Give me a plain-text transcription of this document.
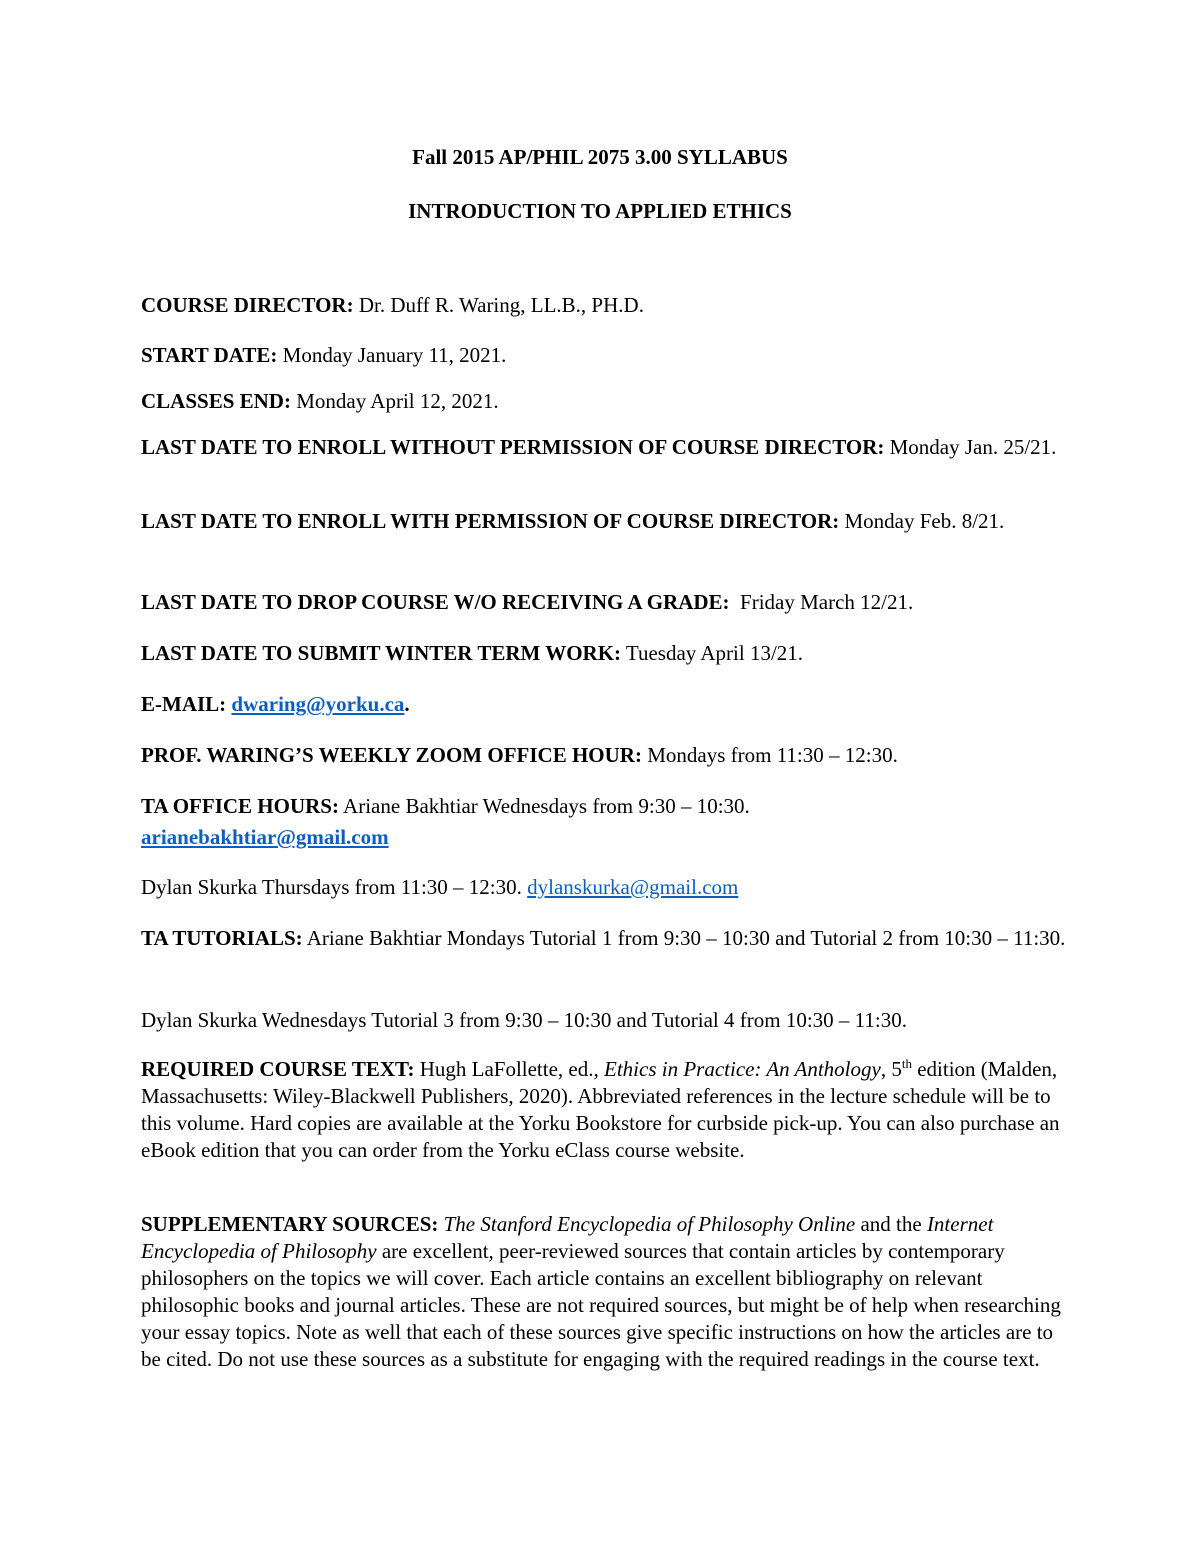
Fall 2015 AP/PHIL 2075 3.00 SYLLABUS
INTRODUCTION TO APPLIED ETHICS

COURSE DIRECTOR: Dr. Duff R. Waring, LL.B., PH.D.

START DATE: Monday January 11, 2021.

CLASSES END: Monday April 12, 2021.

LAST DATE TO ENROLL WITHOUT PERMISSION OF COURSE DIRECTOR: Monday Jan. 25/21.

LAST DATE TO ENROLL WITH PERMISSION OF COURSE DIRECTOR: Monday Feb. 8/21.

LAST DATE TO DROP COURSE W/O RECEIVING A GRADE:  Friday March 12/21.

LAST DATE TO SUBMIT WINTER TERM WORK: Tuesday April 13/21.

E-MAIL: dwaring@yorku.ca.

PROF. WARING’S WEEKLY ZOOM OFFICE HOUR: Mondays from 11:30 – 12:30.

TA OFFICE HOURS: Ariane Bakhtiar Wednesdays from 9:30 – 10:30.
arianebakhtiar@gmail.com

Dylan Skurka Thursdays from 11:30 – 12:30. dylanskurka@gmail.com

TA TUTORIALS: Ariane Bakhtiar Mondays Tutorial 1 from 9:30 – 10:30 and Tutorial 2 from 10:30 – 11:30.

Dylan Skurka Wednesdays Tutorial 3 from 9:30 – 10:30 and Tutorial 4 from 10:30 – 11:30.

REQUIRED COURSE TEXT: Hugh LaFollette, ed., Ethics in Practice: An Anthology, 5th edition (Malden, Massachusetts: Wiley-Blackwell Publishers, 2020). Abbreviated references in the lecture schedule will be to this volume. Hard copies are available at the Yorku Bookstore for curbside pick-up. You can also purchase an eBook edition that you can order from the Yorku eClass course website.

SUPPLEMENTARY SOURCES: The Stanford Encyclopedia of Philosophy Online and the Internet Encyclopedia of Philosophy are excellent, peer-reviewed sources that contain articles by contemporary philosophers on the topics we will cover. Each article contains an excellent bibliography on relevant philosophic books and journal articles. These are not required sources, but might be of help when researching your essay topics. Note as well that each of these sources give specific instructions on how the articles are to be cited. Do not use these sources as a substitute for engaging with the required readings in the course text.
